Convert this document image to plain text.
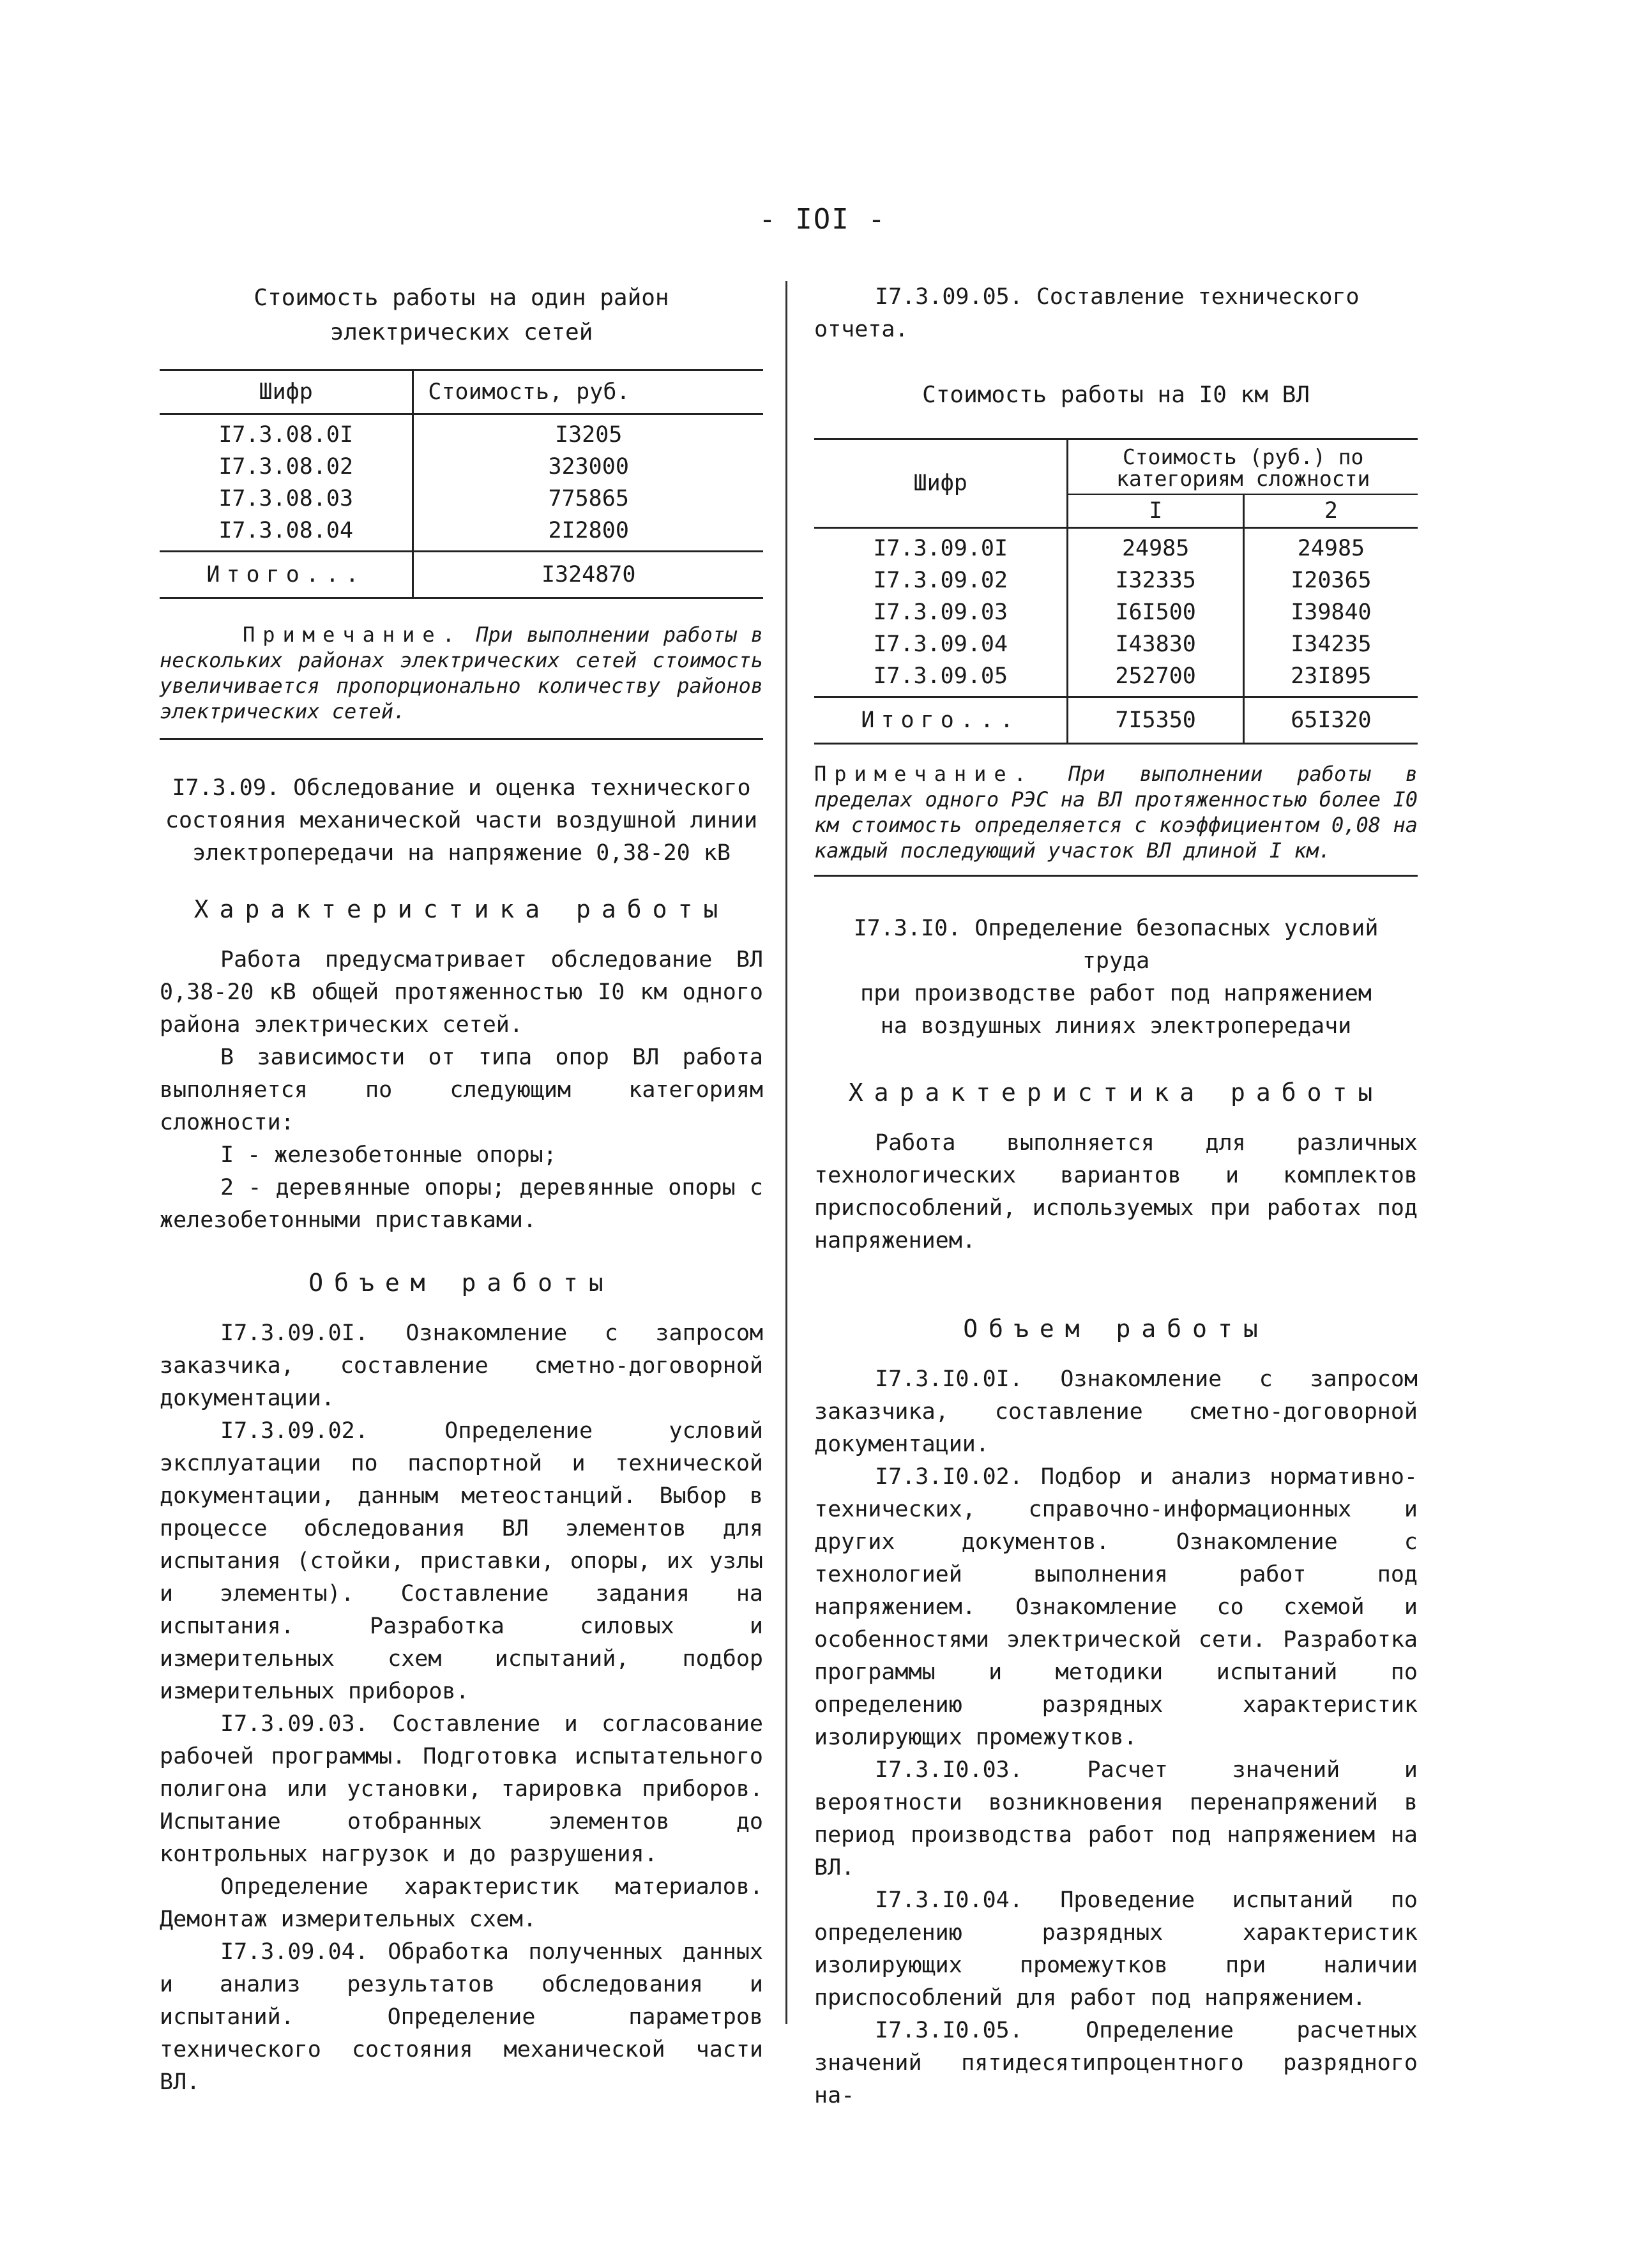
- IOI -
Стоимость работы на один район
электрических сетей
Шифр	Стоимость, руб.
I7.3.08.0I	I3205
I7.3.08.02	323000
I7.3.08.03	775865
I7.3.08.04	2I2800
Итого...	I324870

Примечание. При выполнении работы в нескольких районах электрических сетей стоимость увеличивается пропорционально количеству районов электрических сетей.

I7.3.09. Обследование и оценка технического

состояния механической части воздушной линии

электропередачи на напряжение 0,38-20 кВ

Характеристика работы

Работа предусматривает обследование ВЛ 0,38-20 кВ общей протяженностью I0 км одного района электрических сетей.

В зависимости от типа опор ВЛ работа выполняется по следующим категориям сложности:

I - железобетонные опоры;

2 - деревянные опоры; деревянные опоры с железобетонными приставками.

Объем работы

I7.3.09.0I. Ознакомление с запросом заказчика, составление сметно-договорной документации.

I7.3.09.02. Определение условий эксплуатации по паспортной и технической документации, данным метеостанций. Выбор в процессе обследования ВЛ элементов для испытания (стойки, приставки, опоры, их узлы и элементы). Составление задания на испытания. Разработка силовых и измерительных схем испытаний, подбор измерительных приборов.

I7.3.09.03. Составление и согласование рабочей программы. Подготовка испытательного полигона или установки, тарировка приборов. Испытание отобранных элементов до контрольных нагрузок и до разрушения.

Определение характеристик материалов. Демонтаж измерительных схем.

I7.3.09.04. Обработка полученных данных и анализ результатов обследования и испытаний. Определение параметров технического состояния механической части ВЛ.

I7.3.09.05. Составление технического

отчета.

Стоимость работы на I0 км ВЛ
Шифр	Стоимость (руб.) по категориям сложности	
	I	2
I7.3.09.0I	24985	24985
I7.3.09.02	I32335	I20365
I7.3.09.03	I6I500	I39840
I7.3.09.04	I43830	I34235
I7.3.09.05	252700	23I895
Итого...	7I5350	65I320

Примечание. При выполнении работы в пределах одного РЭС на ВЛ протяженностью более I0 км стоимость определяется с коэффициентом 0,08 на каждый последующий участок ВЛ длиной I км.

I7.3.I0. Определение безопасных условий труда

при производстве работ под напряжением

на воздушных линиях электропередачи

Характеристика работы

Работа выполняется для различных технологических вариантов и комплектов приспособлений, используемых при работах под напряжением.

Объем работы

I7.3.I0.0I. Ознакомление с запросом заказчика, составление сметно-договорной документации.

I7.3.I0.02. Подбор и анализ нормативно-технических, справочно-информационных и других документов. Ознакомление с технологией выполнения работ под напряжением. Ознакомление со схемой и особенностями электрической сети. Разработка программы и методики испытаний по определению разрядных характеристик изолирующих промежутков.

I7.3.I0.03. Расчет значений и вероятности возникновения перенапряжений в период производства работ под напряжением на ВЛ.

I7.3.I0.04. Проведение испытаний по определению разрядных характеристик изолирующих промежутков при наличии приспособлений для работ под напряжением.

I7.3.I0.05. Определение расчетных значений пятидесятипроцентного разрядного на-
